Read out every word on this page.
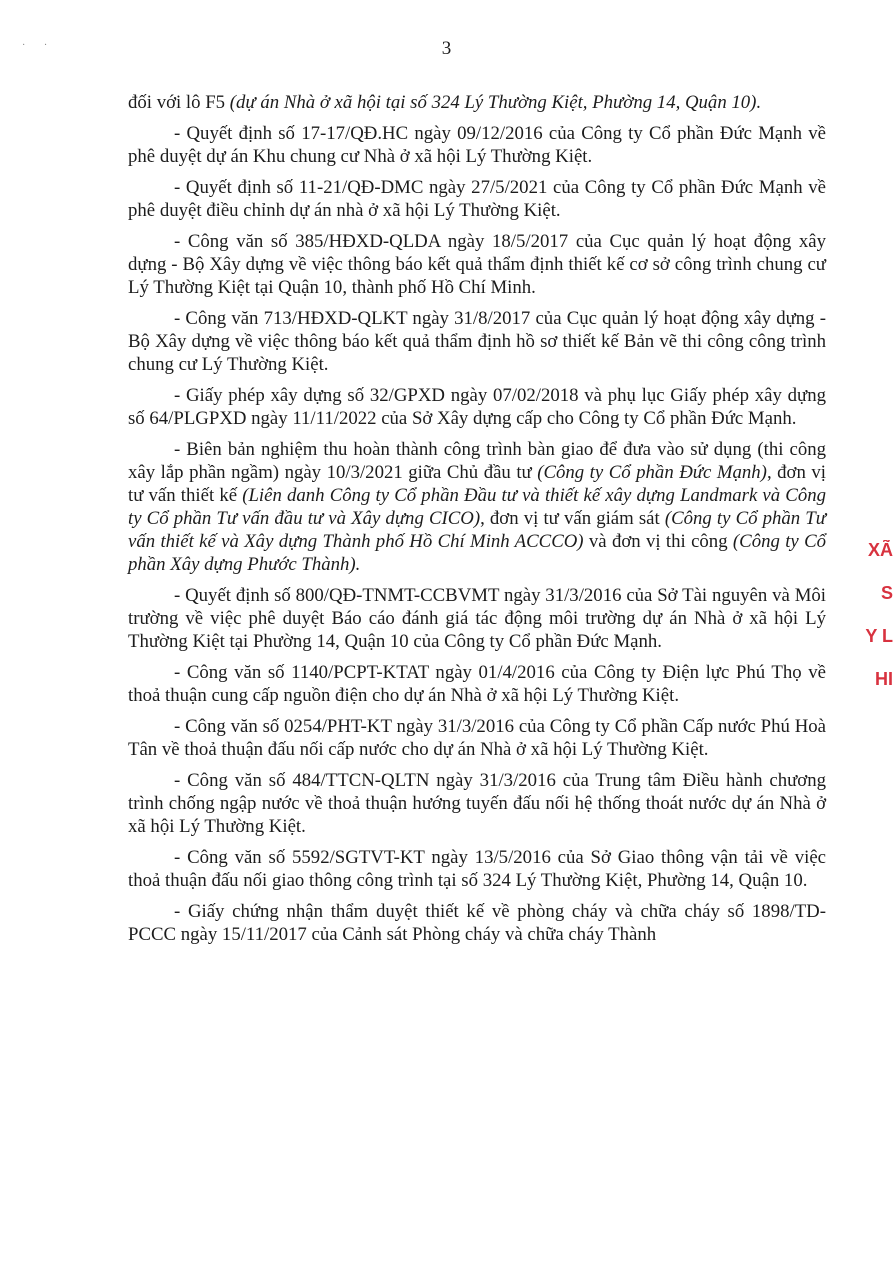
· ·	3

đối với lô F5 (dự án Nhà ở xã hội tại số 324 Lý Thường Kiệt, Phường 14, Quận 10).

- Quyết định số 17-17/QĐ.HC ngày 09/12/2016 của Công ty Cổ phần Đức Mạnh về phê duyệt dự án Khu chung cư Nhà ở xã hội Lý Thường Kiệt.

- Quyết định số 11-21/QĐ-DMC ngày 27/5/2021 của Công ty Cổ phần Đức Mạnh về phê duyệt điều chỉnh dự án nhà ở xã hội Lý Thường Kiệt.

- Công văn số 385/HĐXD-QLDA ngày 18/5/2017 của Cục quản lý hoạt động xây dựng - Bộ Xây dựng về việc thông báo kết quả thẩm định thiết kế cơ sở công trình chung cư Lý Thường Kiệt tại Quận 10, thành phố Hồ Chí Minh.

- Công văn 713/HĐXD-QLKT ngày 31/8/2017 của Cục quản lý hoạt động xây dựng - Bộ Xây dựng về việc thông báo kết quả thẩm định hồ sơ thiết kế Bản vẽ thi công công trình chung cư Lý Thường Kiệt.

- Giấy phép xây dựng số 32/GPXD ngày 07/02/2018 và phụ lục Giấy phép xây dựng số 64/PLGPXD ngày 11/11/2022 của Sở Xây dựng cấp cho Công ty Cổ phần Đức Mạnh.

- Biên bản nghiệm thu hoàn thành công trình bàn giao để đưa vào sử dụng (thi công xây lắp phần ngầm) ngày 10/3/2021 giữa Chủ đầu tư (Công ty Cổ phần Đức Mạnh), đơn vị tư vấn thiết kế (Liên danh Công ty Cổ phần Đầu tư và thiết kế xây dựng Landmark và Công ty Cổ phần Tư vấn đầu tư và Xây dựng CICO), đơn vị tư vấn giám sát (Công ty Cổ phần Tư vấn thiết kế và Xây dựng Thành phố Hồ Chí Minh ACCCO) và đơn vị thi công (Công ty Cổ phần Xây dựng Phước Thành).

- Quyết định số 800/QĐ-TNMT-CCBVMT ngày 31/3/2016 của Sở Tài nguyên và Môi trường về việc phê duyệt Báo cáo đánh giá tác động môi trường dự án Nhà ở xã hội Lý Thường Kiệt tại Phường 14, Quận 10 của Công ty Cổ phần Đức Mạnh.

- Công văn số 1140/PCPT-KTAT ngày 01/4/2016 của Công ty Điện lực Phú Thọ về thoả thuận cung cấp nguồn điện cho dự án Nhà ở xã hội Lý Thường Kiệt.

- Công văn số 0254/PHT-KT ngày 31/3/2016 của Công ty Cổ phần Cấp nước Phú Hoà Tân về thoả thuận đấu nối cấp nước cho dự án Nhà ở xã hội Lý Thường Kiệt.

- Công văn số 484/TTCN-QLTN ngày 31/3/2016 của Trung tâm Điều hành chương trình chống ngập nước về thoả thuận hướng tuyến đấu nối hệ thống thoát nước dự án Nhà ở xã hội Lý Thường Kiệt.

- Công văn số 5592/SGTVT-KT ngày 13/5/2016 của Sở Giao thông vận tải về việc thoả thuận đấu nối giao thông công trình tại số 324 Lý Thường Kiệt, Phường 14, Quận 10.

- Giấy chứng nhận thẩm duyệt thiết kế về phòng cháy và chữa cháy số 1898/TD-PCCC ngày 15/11/2017 của Cảnh sát Phòng cháy và chữa cháy Thành

XÃ
S
Y L
HI
